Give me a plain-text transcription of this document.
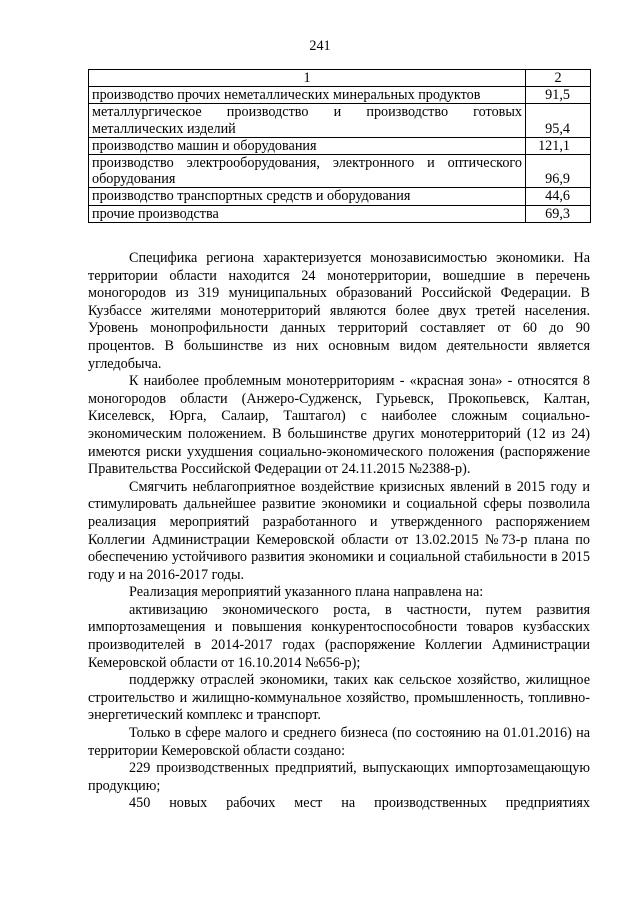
241
1	2
производство прочих неметаллических минеральных продуктов	91,5
металлургическое производство и производство готовых металлических изделий	95,4
производство машин и оборудования	121,1
производство электрооборудования, электронного и оптического оборудования	96,9
производство транспортных средств и оборудования	44,6
прочие производства	69,3

Специфика региона характеризуется монозависимостью экономики. На территории области находится 24 монотерритории, вошедшие в перечень моногородов из 319 муниципальных образований Российской Федерации. В Кузбассе жителями монотерриторий являются более двух третей населения. Уровень монопрофильности данных территорий составляет от 60 до 90 процентов. В большинстве из них основным видом деятельности является угледобыча.

К наиболее проблемным монотерриториям - «красная зона» - относятся 8 моногородов области (Анжеро-Судженск, Гурьевск, Прокопьевск, Калтан, Киселевск, Юрга, Салаир, Таштагол) с наиболее сложным социально-экономическим положением. В большинстве других монотерриторий (12 из 24) имеются риски ухудшения социально-экономического положения (распоряжение Правительства Российской Федерации от 24.11.2015 №2388-р).

Смягчить неблагоприятное воздействие кризисных явлений в 2015 году и стимулировать дальнейшее развитие экономики и социальной сферы позволила реализация мероприятий разработанного и утвержденного распоряжением Коллегии Администрации Кемеровской области от 13.02.2015 №73-р плана по обеспечению устойчивого развития экономики и социальной стабильности в 2015 году и на 2016-2017 годы.

Реализация мероприятий указанного плана направлена на:

активизацию экономического роста, в частности, путем развития импортозамещения и повышения конкурентоспособности товаров кузбасских производителей в 2014-2017 годах (распоряжение Коллегии Администрации Кемеровской области от 16.10.2014 №656-р);

поддержку отраслей экономики, таких как сельское хозяйство, жилищное строительство и жилищно-коммунальное хозяйство, промышленность, топливно-энергетический комплекс и транспорт.

Только в сфере малого и среднего бизнеса (по состоянию на 01.01.2016) на территории Кемеровской области создано:

229 производственных предприятий, выпускающих импортозамещающую продукцию;

450 новых рабочих мест на производственных предприятиях
